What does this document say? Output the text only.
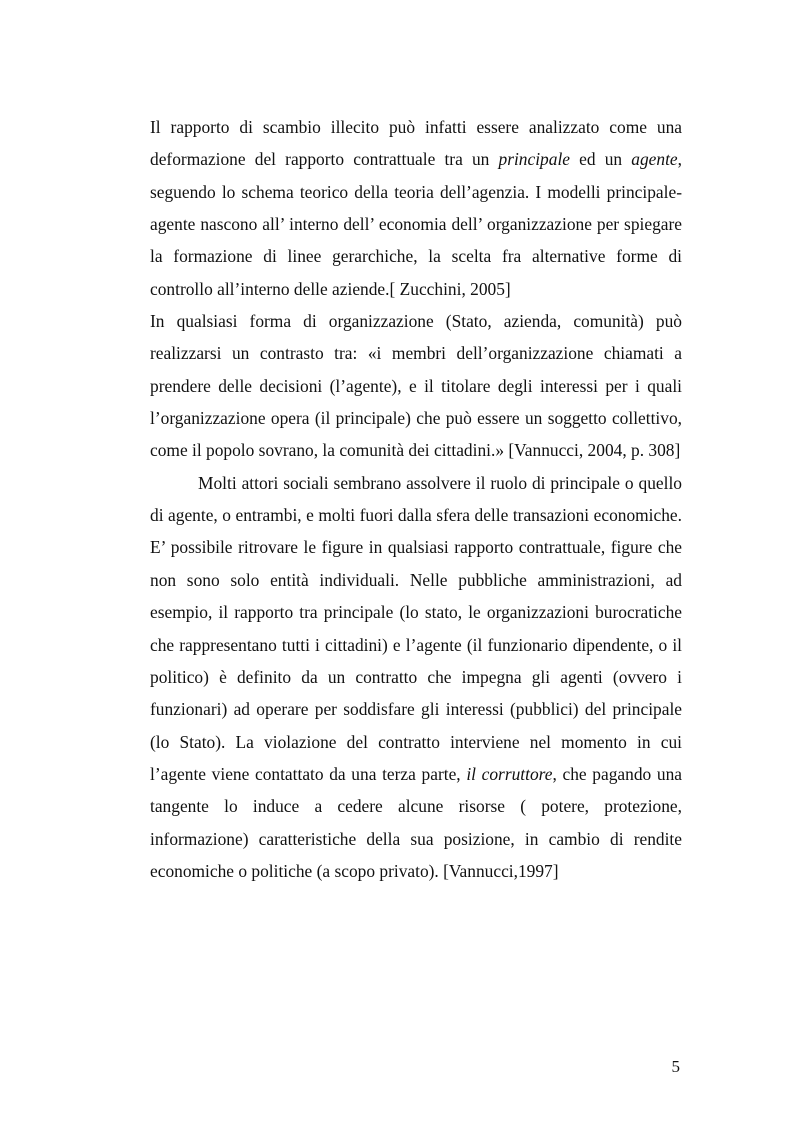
Il rapporto di scambio illecito può infatti essere analizzato come una deformazione del rapporto contrattuale tra un principale ed un agente, seguendo lo schema teorico della teoria dell’agenzia. I modelli principale-agente nascono all’ interno dell’ economia dell’ organizzazione per spiegare la formazione di linee gerarchiche, la scelta fra alternative forme di controllo all’interno delle aziende.[ Zucchini, 2005]

In qualsiasi forma di organizzazione (Stato, azienda, comunità) può realizzarsi un contrasto tra: «i membri dell’organizzazione chiamati a prendere delle decisioni (l’agente), e il titolare degli interessi per i quali l’organizzazione opera (il principale) che può essere un soggetto collettivo, come il popolo sovrano, la comunità dei cittadini.» [Vannucci, 2004, p. 308]

Molti attori sociali sembrano assolvere il ruolo di principale o quello di agente, o entrambi, e molti fuori dalla sfera delle transazioni economiche. E’ possibile ritrovare le figure in qualsiasi rapporto contrattuale, figure che non sono solo entità individuali. Nelle pubbliche amministrazioni, ad esempio, il rapporto tra principale (lo stato, le organizzazioni burocratiche che rappresentano tutti i cittadini) e l’agente (il funzionario dipendente, o il politico) è definito da un contratto che impegna gli agenti (ovvero i funzionari) ad operare per soddisfare gli interessi (pubblici) del principale (lo Stato). La violazione del contratto interviene nel momento in cui l’agente viene contattato da una terza parte, il corruttore, che pagando una tangente lo induce a cedere alcune risorse ( potere, protezione, informazione) caratteristiche della sua posizione, in cambio di rendite economiche o politiche (a scopo privato). [Vannucci,1997]

5
